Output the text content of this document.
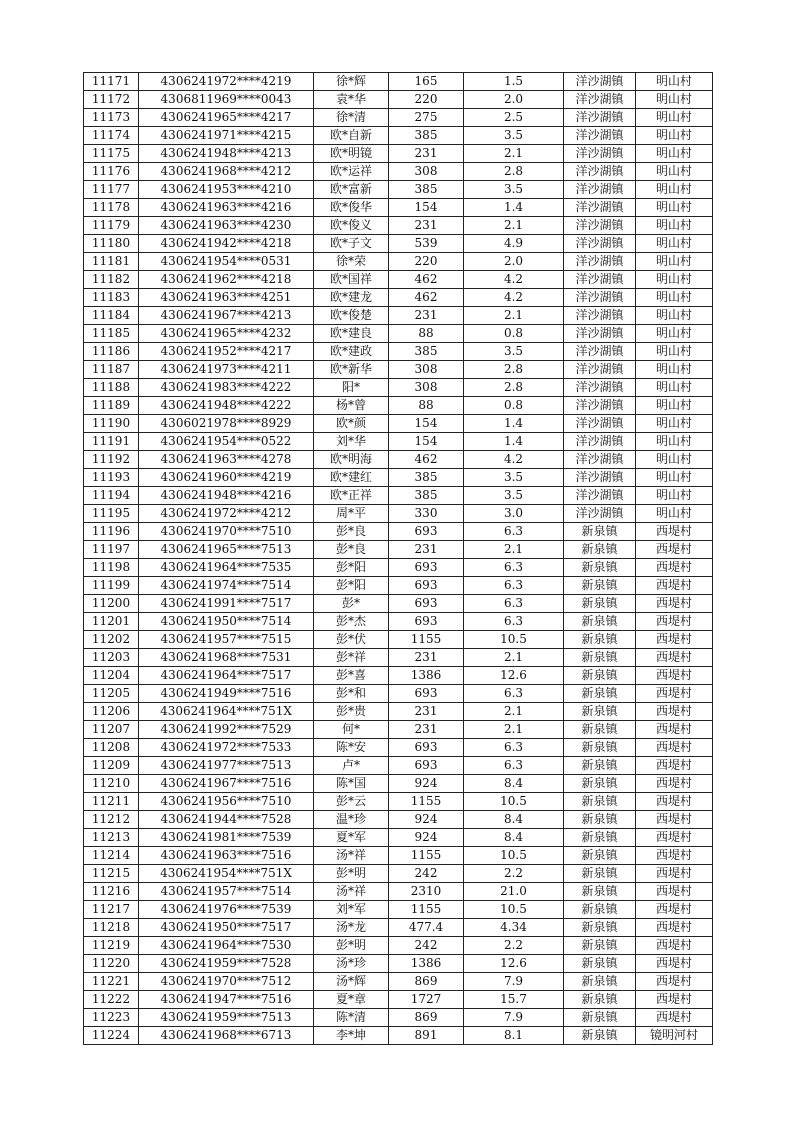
11171	4306241972****4219	徐*辉	165	1.5	洋沙湖镇	明山村
11172	4306811969****0043	袁*华	220	2.0	洋沙湖镇	明山村
11173	4306241965****4217	徐*清	275	2.5	洋沙湖镇	明山村
11174	4306241971****4215	欧*自新	385	3.5	洋沙湖镇	明山村
11175	4306241948****4213	欧*明镜	231	2.1	洋沙湖镇	明山村
11176	4306241968****4212	欧*运祥	308	2.8	洋沙湖镇	明山村
11177	4306241953****4210	欧*富新	385	3.5	洋沙湖镇	明山村
11178	4306241963****4216	欧*俊华	154	1.4	洋沙湖镇	明山村
11179	4306241963****4230	欧*俊义	231	2.1	洋沙湖镇	明山村
11180	4306241942****4218	欧*子文	539	4.9	洋沙湖镇	明山村
11181	4306241954****0531	徐*荣	220	2.0	洋沙湖镇	明山村
11182	4306241962****4218	欧*国祥	462	4.2	洋沙湖镇	明山村
11183	4306241963****4251	欧*建龙	462	4.2	洋沙湖镇	明山村
11184	4306241967****4213	欧*俊楚	231	2.1	洋沙湖镇	明山村
11185	4306241965****4232	欧*建良	88	0.8	洋沙湖镇	明山村
11186	4306241952****4217	欧*建政	385	3.5	洋沙湖镇	明山村
11187	4306241973****4211	欧*新华	308	2.8	洋沙湖镇	明山村
11188	4306241983****4222	阳*	308	2.8	洋沙湖镇	明山村
11189	4306241948****4222	杨*曾	88	0.8	洋沙湖镇	明山村
11190	4306021978****8929	欧*颜	154	1.4	洋沙湖镇	明山村
11191	4306241954****0522	刘*华	154	1.4	洋沙湖镇	明山村
11192	4306241963****4278	欧*明海	462	4.2	洋沙湖镇	明山村
11193	4306241960****4219	欧*建红	385	3.5	洋沙湖镇	明山村
11194	4306241948****4216	欧*正祥	385	3.5	洋沙湖镇	明山村
11195	4306241972****4212	周*平	330	3.0	洋沙湖镇	明山村
11196	4306241970****7510	彭*良	693	6.3	新泉镇	西堤村
11197	4306241965****7513	彭*良	231	2.1	新泉镇	西堤村
11198	4306241964****7535	彭*阳	693	6.3	新泉镇	西堤村
11199	4306241974****7514	彭*阳	693	6.3	新泉镇	西堤村
11200	4306241991****7517	彭*	693	6.3	新泉镇	西堤村
11201	4306241950****7514	彭*杰	693	6.3	新泉镇	西堤村
11202	4306241957****7515	彭*伏	1155	10.5	新泉镇	西堤村
11203	4306241968****7531	彭*祥	231	2.1	新泉镇	西堤村
11204	4306241964****7517	彭*喜	1386	12.6	新泉镇	西堤村
11205	4306241949****7516	彭*和	693	6.3	新泉镇	西堤村
11206	4306241964****751X	彭*贵	231	2.1	新泉镇	西堤村
11207	4306241992****7529	何*	231	2.1	新泉镇	西堤村
11208	4306241972****7533	陈*安	693	6.3	新泉镇	西堤村
11209	4306241977****7513	卢*	693	6.3	新泉镇	西堤村
11210	4306241967****7516	陈*国	924	8.4	新泉镇	西堤村
11211	4306241956****7510	彭*云	1155	10.5	新泉镇	西堤村
11212	4306241944****7528	温*珍	924	8.4	新泉镇	西堤村
11213	4306241981****7539	夏*军	924	8.4	新泉镇	西堤村
11214	4306241963****7516	汤*祥	1155	10.5	新泉镇	西堤村
11215	4306241954****751X	彭*明	242	2.2	新泉镇	西堤村
11216	4306241957****7514	汤*祥	2310	21.0	新泉镇	西堤村
11217	4306241976****7539	刘*军	1155	10.5	新泉镇	西堤村
11218	4306241950****7517	汤*龙	477.4	4.34	新泉镇	西堤村
11219	4306241964****7530	彭*明	242	2.2	新泉镇	西堤村
11220	4306241959****7528	汤*珍	1386	12.6	新泉镇	西堤村
11221	4306241970****7512	汤*辉	869	7.9	新泉镇	西堤村
11222	4306241947****7516	夏*章	1727	15.7	新泉镇	西堤村
11223	4306241959****7513	陈*清	869	7.9	新泉镇	西堤村
11224	4306241968****6713	李*坤	891	8.1	新泉镇	镜明河村
